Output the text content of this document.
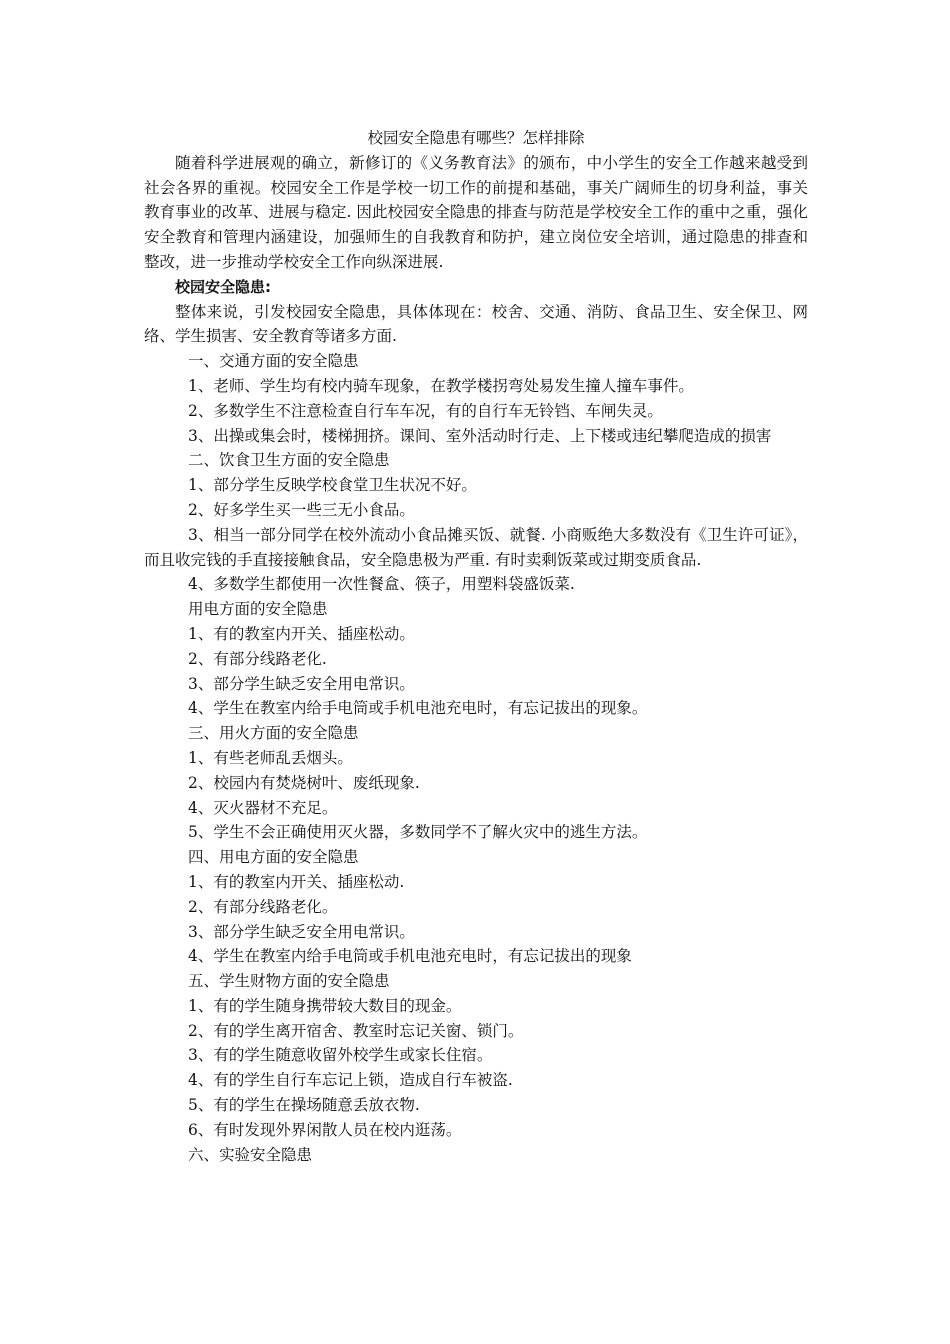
校园安全隐患有哪些？怎样排除

随着科学进展观的确立，新修订的《义务教育法》的颁布，中小学生的安全工作越来越受到社会各界的重视。校园安全工作是学校一切工作的前提和基础，事关广阔师生的切身利益，事关教育事业的改革、进展与稳定. 因此校园安全隐患的排查与防范是学校安全工作的重中之重，强化安全教育和管理内涵建设，加强师生的自我教育和防护，建立岗位安全培训，通过隐患的排查和整改，进一步推动学校安全工作向纵深进展.

校园安全隐患:

整体来说，引发校园安全隐患，具体体现在：校舍、交通、消防、食品卫生、安全保卫、网络、学生损害、安全教育等诸多方面.

一、交通方面的安全隐患

1、老师、学生均有校内骑车现象，在教学楼拐弯处易发生撞人撞车事件。

2、多数学生不注意检查自行车车况，有的自行车无铃铛、车闸失灵。

3、出操或集会时，楼梯拥挤。课间、室外活动时行走、上下楼或违纪攀爬造成的损害

二、饮食卫生方面的安全隐患

1、部分学生反映学校食堂卫生状况不好。

2、好多学生买一些三无小食品。

3、相当一部分同学在校外流动小食品摊买饭、就餐. 小商贩绝大多数没有《卫生许可证》，而且收完钱的手直接接触食品，安全隐患极为严重. 有时卖剩饭菜或过期变质食品.

4、多数学生都使用一次性餐盒、筷子，用塑料袋盛饭菜.

用电方面的安全隐患

1、有的教室内开关、插座松动。

2、有部分线路老化.

3、部分学生缺乏安全用电常识。

4、学生在教室内给手电筒或手机电池充电时，有忘记拔出的现象。

三、用火方面的安全隐患

1、有些老师乱丢烟头。

2、校园内有焚烧树叶、废纸现象.

4、灭火器材不充足。

5、学生不会正确使用灭火器，多数同学不了解火灾中的逃生方法。

四、用电方面的安全隐患

1、有的教室内开关、插座松动.

2、有部分线路老化。

3、部分学生缺乏安全用电常识。

4、学生在教室内给手电筒或手机电池充电时，有忘记拔出的现象

五、学生财物方面的安全隐患

1、有的学生随身携带较大数目的现金。

2、有的学生离开宿舍、教室时忘记关窗、锁门。

3、有的学生随意收留外校学生或家长住宿。

4、有的学生自行车忘记上锁，造成自行车被盗.

5、有的学生在操场随意丢放衣物.

6、有时发现外界闲散人员在校内逛荡。

六、实验安全隐患
